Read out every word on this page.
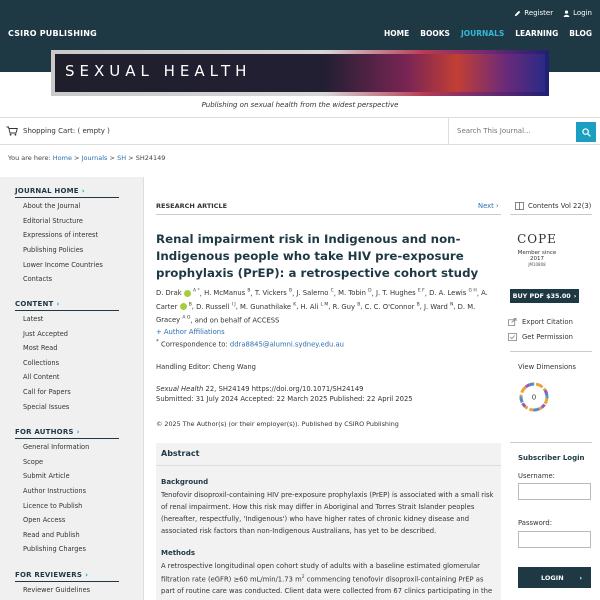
Register	Login
CSIRO PUBLISHING	HOME BOOKS JOURNALS LEARNING BLOG
SEXUAL HEALTH
Publishing on sexual health from the widest perspective
Shopping Cart: ( empty )
Search This Journal...
You are here: Home > Journals > SH > SH24149
JOURNAL HOME ›
About the Journal
Editorial Structure
Expressions of interest
Publishing Policies
Lower Income Countries
Contacts
CONTENT ›
Latest
Just Accepted
Most Read
Collections
All Content
Call for Papers
Special Issues
FOR AUTHORS ›
General Information
Scope
Submit Article
Author Instructions
Licence to Publish
Open Access
Read and Publish
Publishing Charges
FOR REVIEWERS ›
Reviewer Guidelines
RESEARCH ARTICLE	Next ›	Contents Vol 22(3)
Renal impairment risk in Indigenous and non-Indigenous people who take HIV pre-exposure prophylaxis (PrEP): a retrospective cohort study
D. Drak	$^{A *}$, H. McManus $^B$, T. Vickers $^B$, J. Salerno $^C$, M. Tobin $^D$, J. T. Hughes $^{E F}$, D. A. Lewis $^{G H}$, A. Carter	$^B$, D. Russell $^{I J}$, M. Gunathilake $^K$, H. Ali $^{L M}$, R. Guy $^B$, C. C. O'Connor $^B$, J. Ward $^N$, D. M. Gracey $^{A O}$, and on behalf of ACCESS
+ Author Affiliations
* Correspondence to: ddra8845@alumni.sydney.edu.au
Handling Editor: Cheng Wang
Sexual Health 22, SH24149 https://doi.org/10.1071/SH24149
Submitted: 31 July 2024 Accepted: 22 March 2025 Published: 22 April 2025
© 2025 The Author(s) (or their employer(s)). Published by CSIRO Publishing
Abstract
Background
Tenofovir disoproxil-containing HIV pre-exposure prophylaxis (PrEP) is associated with a small risk of renal impairment. How this risk may differ in Aboriginal and Torres Strait Islander peoples (hereafter, respectfully, 'Indigenous') who have higher rates of chronic kidney disease and associated risk factors than non-Indigenous Australians, has yet to be described.
Methods
A retrospective longitudinal open cohort study of adults with a baseline estimated glomerular filtration rate (eGFR) ≥60 mL/min/1.73 $m^2$ commencing tenofovir disoproxil-containing PrEP as part of routine care was conducted. Client data were collected from 67 clinics participating in the
COPE
Member since 2017
JM10808
BUY PDF $35.00 ›
Export Citation
Get Permission
View Dimensions
0
Subscriber Login
Username:
Password:
LOGIN ›
